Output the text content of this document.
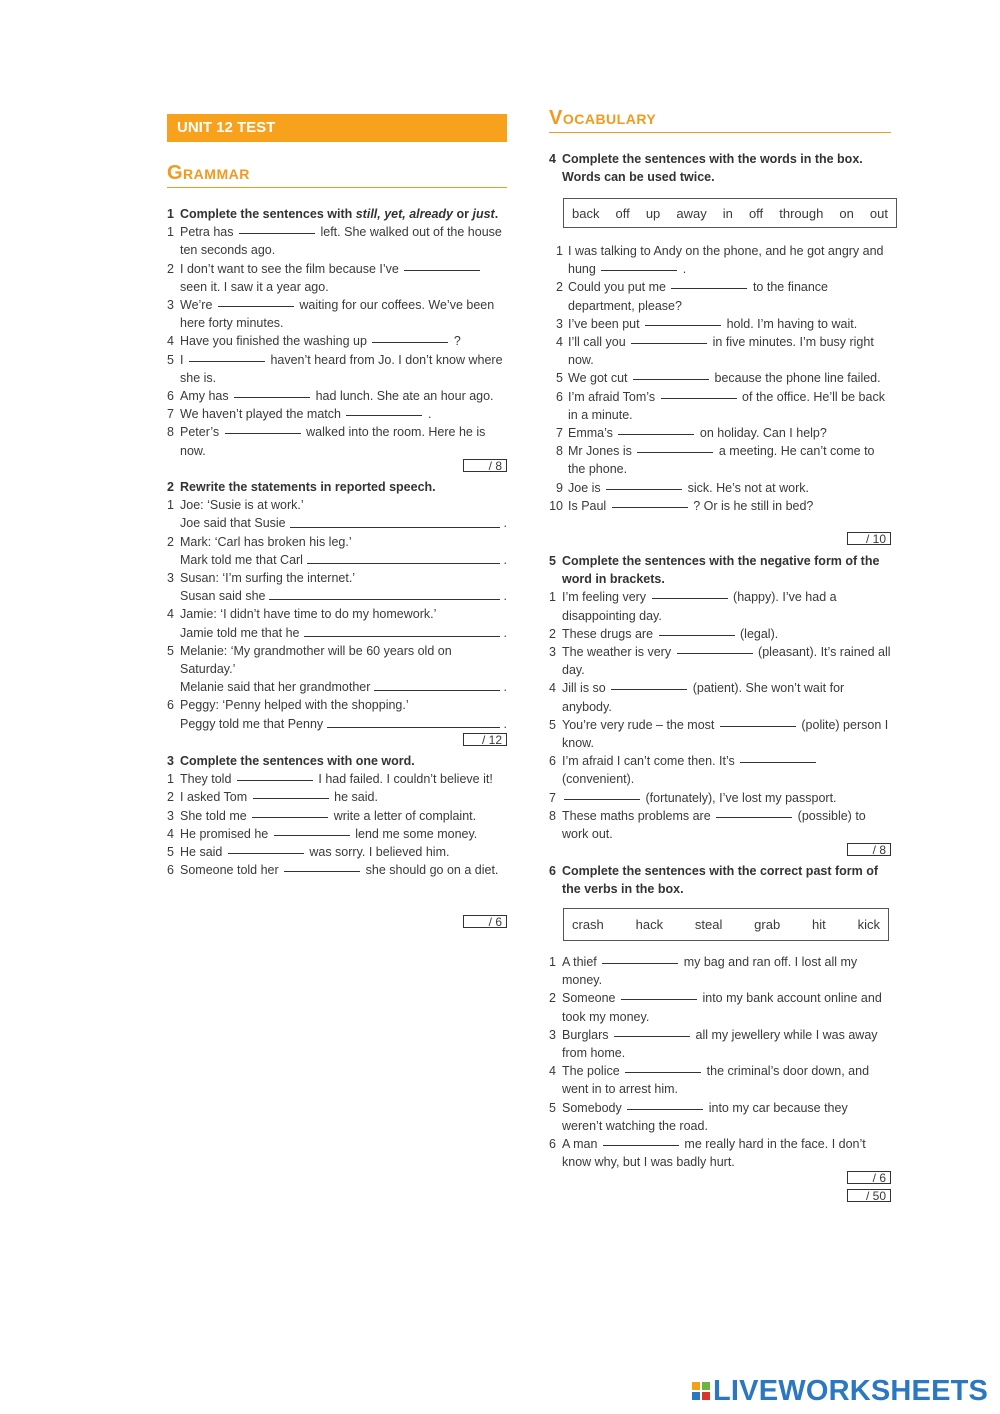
UNIT 12 TEST
Grammar
1 Complete the sentences with still, yet, already or just.
1 Petra has	left. She walked out of the house ten seconds ago.
2 I don’t want to see the film because I’ve  seen it. I saw it a year ago.
3 We’re	waiting for our coffees. We’ve been here forty minutes.
4 Have you finished the washing up	?
5 I	haven’t heard from Jo. I don’t know where she is.
6 Amy has	had lunch. She ate an hour ago.
7 We haven’t played the match	.
8 Peter’s	walked into the room. Here he is now.
/ 8
2 Rewrite the statements in reported speech.
1 Joe: ‘Susie is at work.’
Joe said that Susie	.
2 Mark: ‘Carl has broken his leg.’
Mark told me that Carl	.
3 Susan: ‘I’m surfing the internet.’
Susan said she	.
4 Jamie: ‘I didn’t have time to do my homework.’
Jamie told me that he	.
5 Melanie: ‘My grandmother will be 60 years old on Saturday.’
Melanie said that her grandmother	.
6 Peggy: ‘Penny helped with the shopping.’
Peggy told me that Penny	.
/ 12
3 Complete the sentences with one word.
1 They told	I had failed. I couldn’t believe it!
2 I asked Tom	he said.
3 She told me	write a letter of complaint.
4 He promised he	lend me some money.
5 He said	was sorry. I believed him.
6 Someone told her	she should go on a diet.
/ 6
Vocabulary
4 Complete the sentences with the words in the box. Words can be used twice.
back off up away in off through on out
1 I was talking to Andy on the phone, and he got angry and hung	.
2 Could you put me	to the finance department, please?
3 I’ve been put	hold. I’m having to wait.
4 I’ll call you	in five minutes. I’m busy right now.
5 We got cut	because the phone line failed.
6 I’m afraid Tom’s	of the office. He’ll be back in a minute.
7 Emma’s	on holiday. Can I help?
8 Mr Jones is	a meeting. He can’t come to the phone.
9 Joe is	sick. He’s not at work.
10 Is Paul	? Or is he still in bed?
/ 10
5 Complete the sentences with the negative form of the word in brackets.
1 I’m feeling very	(happy). I’ve had a disappointing day.
2 These drugs are	(legal).
3 The weather is very	(pleasant). It’s rained all day.
4 Jill is so	(patient). She won’t wait for anybody.
5 You’re very rude – the most	(polite) person I know.
6 I’m afraid I can’t come then. It’s  (convenient).
7	(fortunately), I’ve lost my passport.
8 These maths problems are	(possible) to work out.
/ 8
6 Complete the sentences with the correct past form of the verbs in the box.
crash hack steal grab hit kick
1 A thief	my bag and ran off. I lost all my money.
2 Someone	into my bank account online and took my money.
3 Burglars	all my jewellery while I was away from home.
4 The police	the criminal’s door down, and went in to arrest him.
5 Somebody	into my car because they weren’t watching the road.
6 A man	me really hard in the face. I don’t know why, but I was badly hurt.
/ 6
/ 50
LIVEWORKSHEETS
